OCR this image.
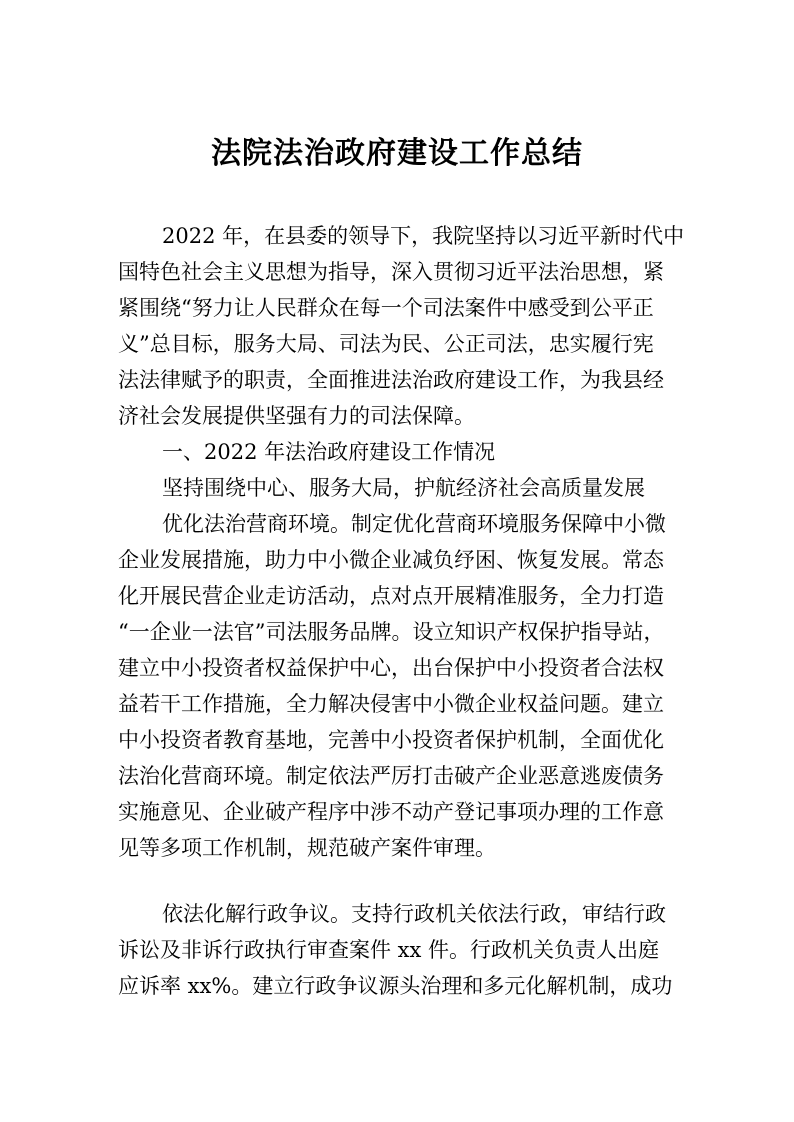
法院法治政府建设工作总结
2022 年，在县委的领导下，我院坚持以习近平新时代中
国特色社会主义思想为指导，深入贯彻习近平法治思想，紧
紧围绕“努力让人民群众在每一个司法案件中感受到公平正
义”总目标，服务大局、司法为民、公正司法，忠实履行宪
法法律赋予的职责，全面推进法治政府建设工作，为我县经
济社会发展提供坚强有力的司法保障。
一、2022 年法治政府建设工作情况
坚持围绕中心、服务大局，护航经济社会高质量发展
优化法治营商环境。制定优化营商环境服务保障中小微
企业发展措施，助力中小微企业减负纾困、恢复发展。常态
化开展民营企业走访活动，点对点开展精准服务，全力打造
“一企业一法官”司法服务品牌。设立知识产权保护指导站，
建立中小投资者权益保护中心，出台保护中小投资者合法权
益若干工作措施，全力解决侵害中小微企业权益问题。建立
中小投资者教育基地，完善中小投资者保护机制，全面优化
法治化营商环境。制定依法严厉打击破产企业恶意逃废债务
实施意见、企业破产程序中涉不动产登记事项办理的工作意
见等多项工作机制，规范破产案件审理。
依法化解行政争议。支持行政机关依法行政，审结行政
诉讼及非诉行政执行审查案件 xx 件。行政机关负责人出庭
应诉率 xx%。建立行政争议源头治理和多元化解机制，成功
